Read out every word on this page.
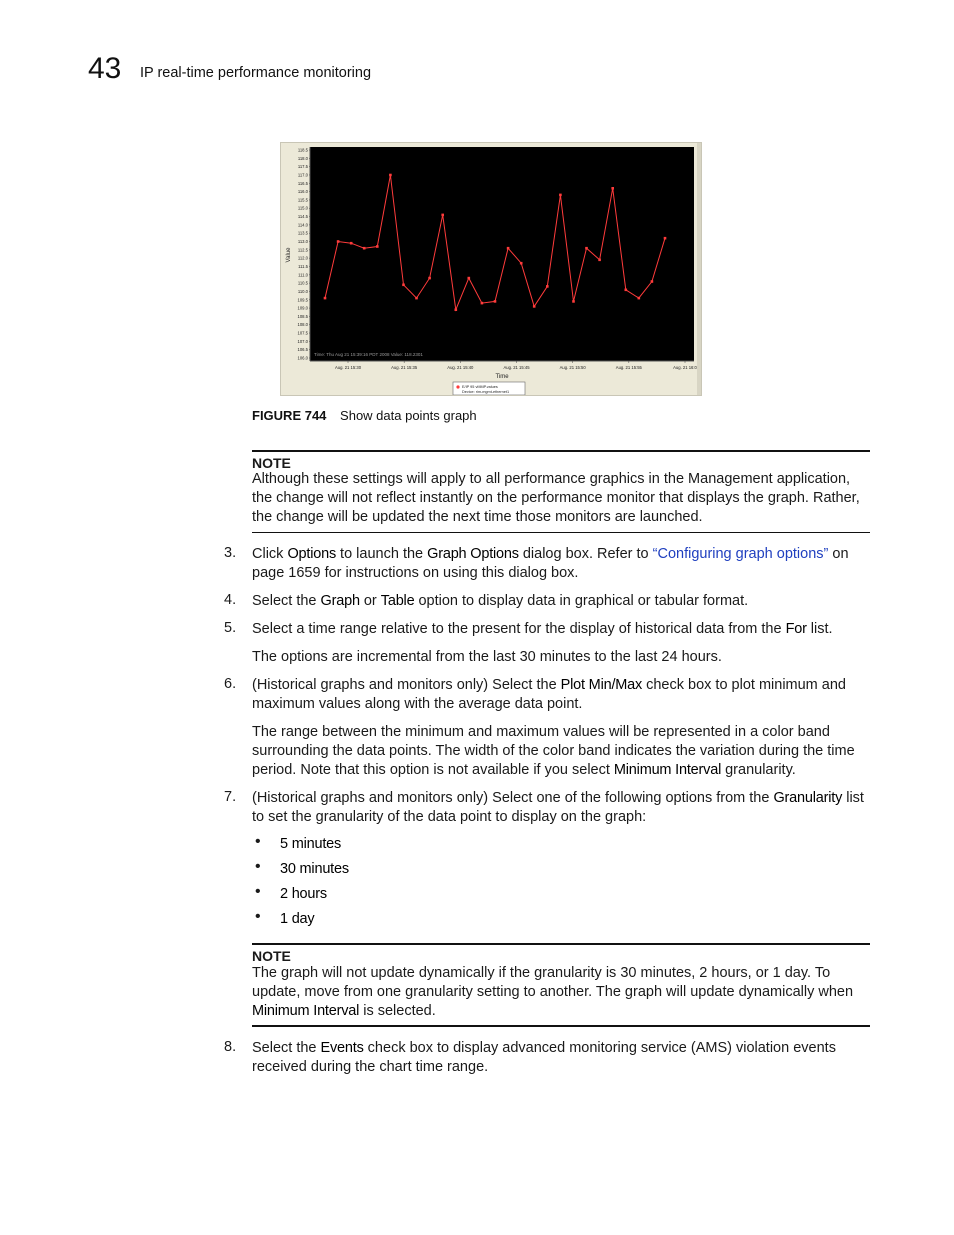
43 IP real-time performance monitoring
118.5
118.0
117.5
117.0
116.5
116.0
115.5
115.0
114.5
114.0
113.5
113.0
112.5
112.0
111.5
111.0
110.5
110.0
109.5
109.0
108.5
108.0
107.5
107.0
106.5
106.0
Aug. 21 15:30	Aug. 21 15:35	Aug. 21 15:40	Aug. 21 15:45	Aug. 21 15:50	Aug. 21 15:55	Aug. 21 16:0
Value
Time
Time: Thu Aug 21 15:39:16 PDT 2008 Value: 118.2301
E/IP 95 vMMP.values
Device: rim-mgmt-ethernet1
FIGURE 744 Show data points graph
NOTE
Although these settings will apply to all performance graphics in the Management application, the change will not reflect instantly on the performance monitor that displays the graph. Rather, the change will be updated the next time those monitors are launched.
3. Click Options to launch the Graph Options dialog box. Refer to “Configuring graph options” on page 1659 for instructions on using this dialog box.
4. Select the Graph or Table option to display data in graphical or tabular format.
5. Select a time range relative to the present for the display of historical data from the For list.
The options are incremental from the last 30 minutes to the last 24 hours.
6. (Historical graphs and monitors only) Select the Plot Min/Max check box to plot minimum and maximum values along with the average data point.
The range between the minimum and maximum values will be represented in a color band surrounding the data points. The width of the color band indicates the variation during the time period. Note that this option is not available if you select Minimum Interval granularity.
7. (Historical graphs and monitors only) Select one of the following options from the Granularity list to set the granularity of the data point to display on the graph:
• 5 minutes
• 30 minutes
• 2 hours
• 1 day
NOTE
The graph will not update dynamically if the granularity is 30 minutes, 2 hours, or 1 day. To update, move from one granularity setting to another. The graph will update dynamically when Minimum Interval is selected.
8. Select the Events check box to display advanced monitoring service (AMS) violation events received during the chart time range.
